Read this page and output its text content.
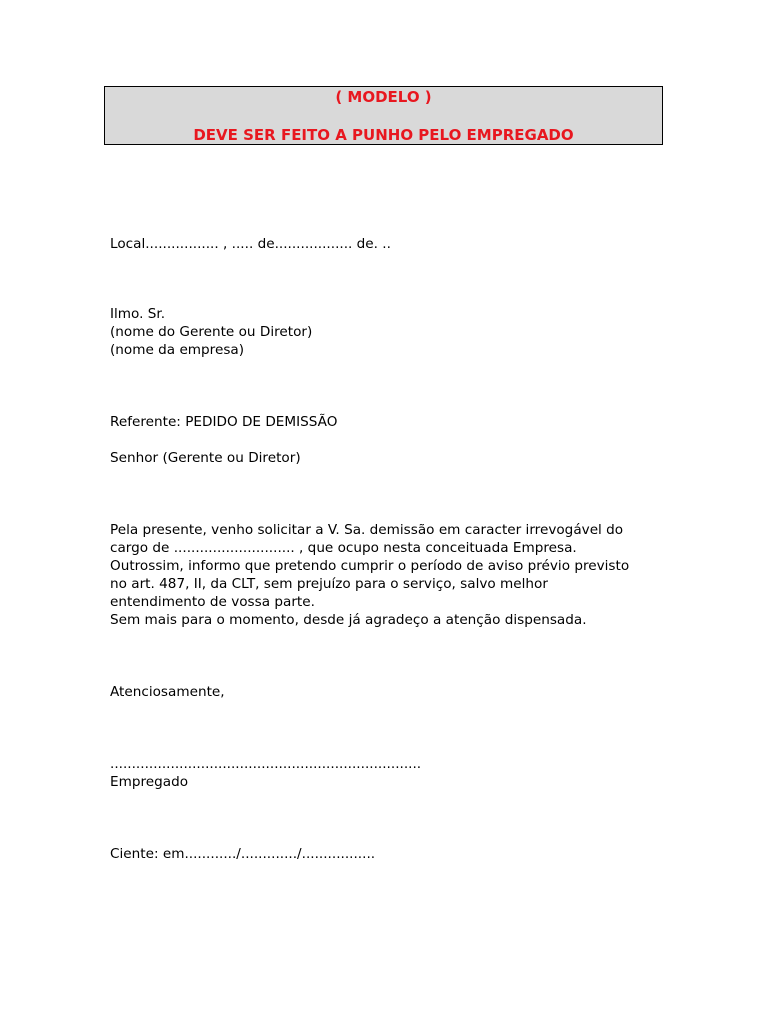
( MODELO )
DEVE SER FEITO A PUNHO PELO EMPREGADO
Local................. , ..... de.................. de. ..
Ilmo. Sr.
(nome do Gerente ou Diretor)
(nome da empresa)
Referente: PEDIDO DE DEMISSÃO
Senhor (Gerente ou Diretor)
Pela presente, venho solicitar a V. Sa. demissão em caracter irrevogável do
cargo de ............................ , que ocupo nesta conceituada Empresa.
Outrossim, informo que pretendo cumprir o período de aviso prévio previsto
no art. 487, II, da CLT, sem prejuízo para o serviço, salvo melhor
entendimento de vossa parte.
Sem mais para o momento, desde já agradeço a atenção dispensada.
Atenciosamente,
........................................................................
Empregado
Ciente: em............/............./.................
